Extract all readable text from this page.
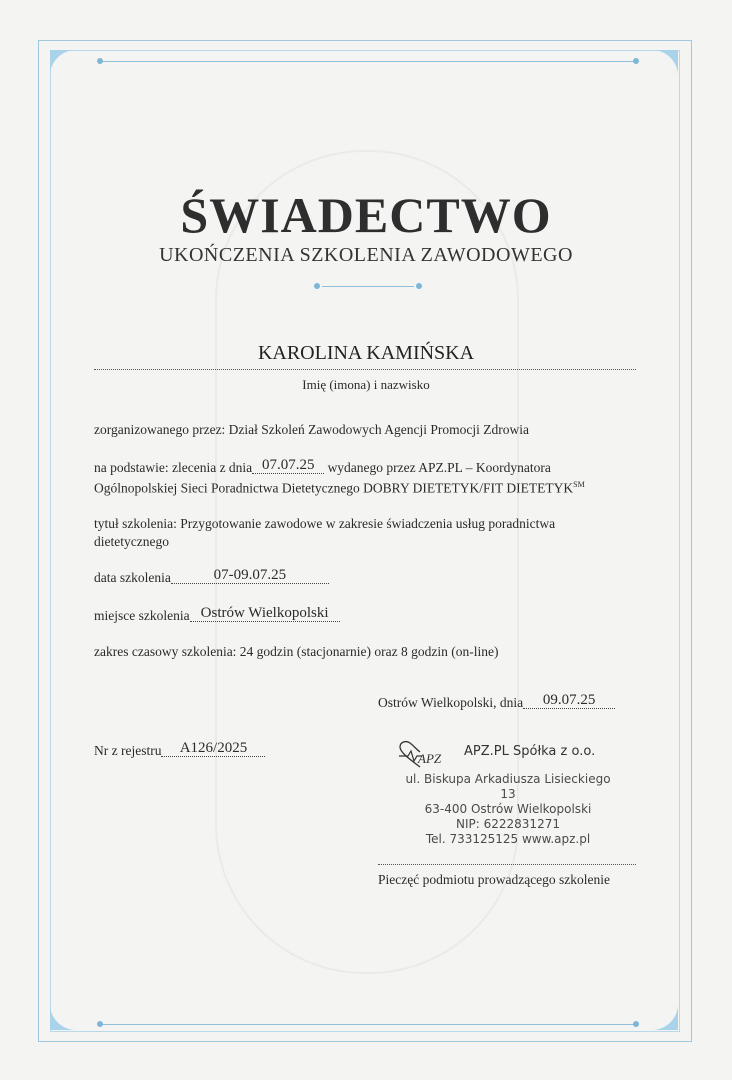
ŚWIADECTWO
UKOŃCZENIA SZKOLENIA ZAWODOWEGO
KAROLINA KAMIŃSKA
Imię (imona) i nazwisko
zorganizowanego przez: Dział Szkoleń Zawodowych Agencji Promocji Zdrowia
na podstawie: zlecenia z dnia 07.07.25 wydanego przez APZ.PL – Koordynatora
Ogólnopolskiej Sieci Poradnictwa Dietetycznego DOBRY DIETETYK/FIT DIETETYK℠
tytuł szkolenia: Przygotowanie zawodowe w zakresie świadczenia usług poradnictwa
dietetycznego
data szkolenia	07-09.07.25
miejsce szkolenia Ostrów Wielkopolski
zakres czasowy szkolenia: 24 godzin (stacjonarnie) oraz 8 godzin (on-line)
Ostrów Wielkopolski, dnia 09.07.25
Nr z rejestru A126/2025
APZ APZ.PL Spółka z o.o.
ul. Biskupa Arkadiusza Lisieckiego 13
63-400 Ostrów Wielkopolski
NIP: 6222831271
Tel. 733125125 www.apz.pl
Pieczęć podmiotu prowadzącego szkolenie
